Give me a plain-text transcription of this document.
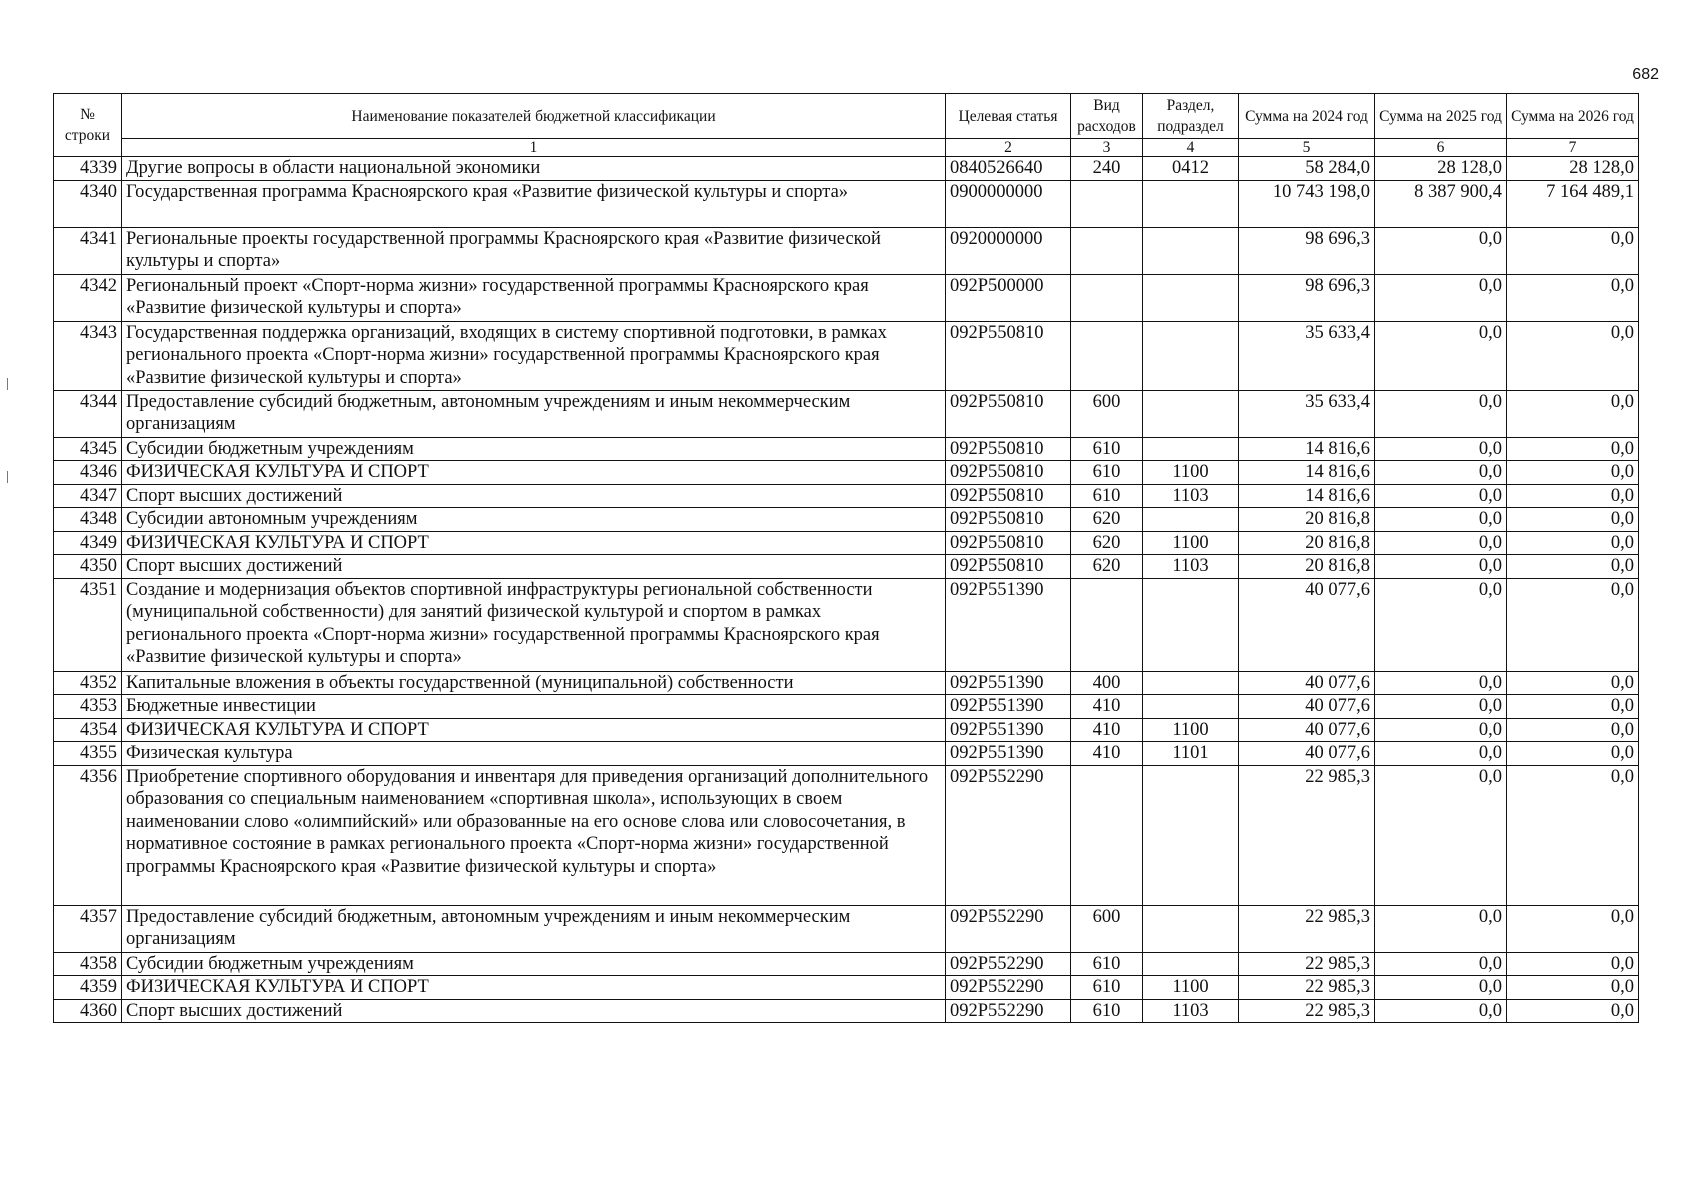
682
№ строки	Наименование показателей бюджетной классификации	Целевая статья	Вид расходов	Раздел, подраздел	Сумма на 2024 год	Сумма на 2025 год	Сумма на 2026 год
	1	2	3	4	5	6	7
4339	Другие вопросы в области национальной экономики	0840526640	240	0412	58 284,0	28 128,0	28 128,0
4340	Государственная программа Красноярского края «Развитие физической культуры и спорта»	0900000000			10 743 198,0	8 387 900,4	7 164 489,1
4341	Региональные проекты государственной программы Красноярского края «Развитие физической культуры и спорта»	0920000000			98 696,3	0,0	0,0
4342	Региональный проект «Спорт-норма жизни» государственной программы Красноярского края «Развитие физической культуры и спорта»	092P500000			98 696,3	0,0	0,0
4343	Государственная поддержка организаций, входящих в систему спортивной подготовки, в рамках регионального проекта «Спорт-норма жизни» государственной программы Красноярского края «Развитие физической культуры и спорта»	092P550810			35 633,4	0,0	0,0
4344	Предоставление субсидий бюджетным, автономным учреждениям и иным некоммерческим организациям	092P550810	600		35 633,4	0,0	0,0
4345	Субсидии бюджетным учреждениям	092P550810	610		14 816,6	0,0	0,0
4346	ФИЗИЧЕСКАЯ КУЛЬТУРА И СПОРТ	092P550810	610	1100	14 816,6	0,0	0,0
4347	Спорт высших достижений	092P550810	610	1103	14 816,6	0,0	0,0
4348	Субсидии автономным учреждениям	092P550810	620		20 816,8	0,0	0,0
4349	ФИЗИЧЕСКАЯ КУЛЬТУРА И СПОРТ	092P550810	620	1100	20 816,8	0,0	0,0
4350	Спорт высших достижений	092P550810	620	1103	20 816,8	0,0	0,0
4351	Создание и модернизация объектов спортивной инфраструктуры региональной собственности (муниципальной собственности) для занятий физической культурой и спортом в рамках регионального проекта «Спорт-норма жизни» государственной программы Красноярского края «Развитие физической культуры и спорта»	092P551390			40 077,6	0,0	0,0
4352	Капитальные вложения в объекты государственной (муниципальной) собственности	092P551390	400		40 077,6	0,0	0,0
4353	Бюджетные инвестиции	092P551390	410		40 077,6	0,0	0,0
4354	ФИЗИЧЕСКАЯ КУЛЬТУРА И СПОРТ	092P551390	410	1100	40 077,6	0,0	0,0
4355	Физическая культура	092P551390	410	1101	40 077,6	0,0	0,0
4356	Приобретение спортивного оборудования и инвентаря для приведения организаций дополнительного образования со специальным наименованием «спортивная школа», использующих в своем наименовании слово «олимпийский» или образованные на его основе слова или словосочетания, в нормативное состояние в рамках регионального проекта «Спорт-норма жизни» государственной программы Красноярского края «Развитие физической культуры и спорта»	092P552290			22 985,3	0,0	0,0
4357	Предоставление субсидий бюджетным, автономным учреждениям и иным некоммерческим организациям	092P552290	600		22 985,3	0,0	0,0
4358	Субсидии бюджетным учреждениям	092P552290	610		22 985,3	0,0	0,0
4359	ФИЗИЧЕСКАЯ КУЛЬТУРА И СПОРТ	092P552290	610	1100	22 985,3	0,0	0,0
4360	Спорт высших достижений	092P552290	610	1103	22 985,3	0,0	0,0
